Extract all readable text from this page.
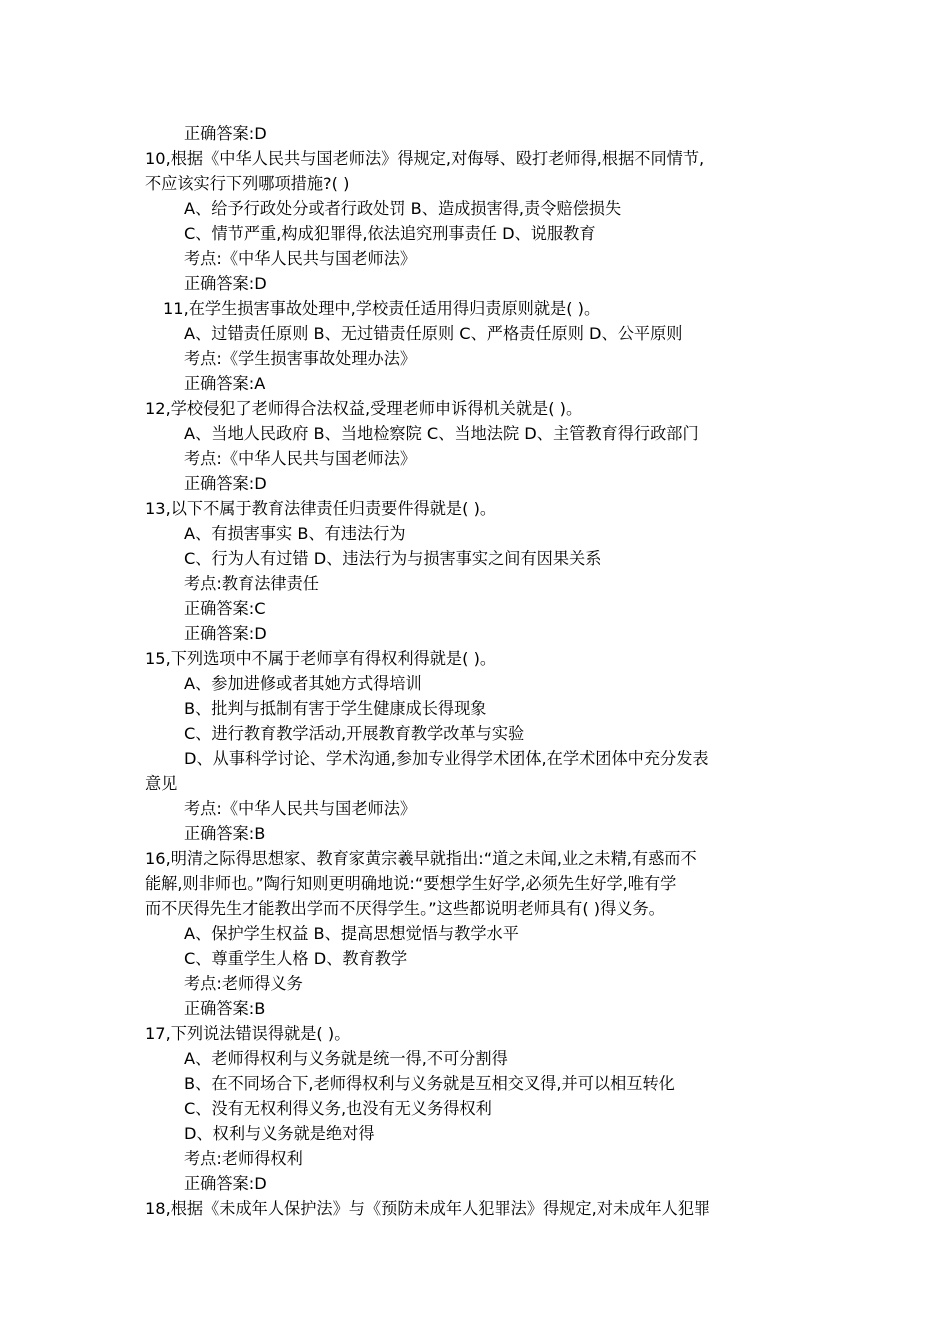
正确答案:D
10,根据《中华人民共与国老师法》得规定,对侮辱、殴打老师得,根据不同情节,
不应该实行下列哪项措施?( )
A、给予行政处分或者行政处罚 B、造成损害得,责令赔偿损失
C、情节严重,构成犯罪得,依法追究刑事责任 D、说服教育
考点:《中华人民共与国老师法》
正确答案:D
11,在学生损害事故处理中,学校责任适用得归责原则就是( )。
A、过错责任原则 B、无过错责任原则 C、严格责任原则 D、公平原则
考点:《学生损害事故处理办法》
正确答案:A
12,学校侵犯了老师得合法权益,受理老师申诉得机关就是( )。
A、当地人民政府 B、当地检察院 C、当地法院 D、主管教育得行政部门
考点:《中华人民共与国老师法》
正确答案:D
13,以下不属于教育法律责任归责要件得就是( )。
A、有损害事实 B、有违法行为
C、行为人有过错 D、违法行为与损害事实之间有因果关系
考点:教育法律责任
正确答案:C
正确答案:D
15,下列选项中不属于老师享有得权利得就是( )。
A、参加进修或者其她方式得培训
B、批判与抵制有害于学生健康成长得现象
C、进行教育教学活动,开展教育教学改革与实验
D、从事科学讨论、学术沟通,参加专业得学术团体,在学术团体中充分发表
意见
考点:《中华人民共与国老师法》
正确答案:B
16,明清之际得思想家、教育家黄宗羲早就指出:“道之未闻,业之未精,有惑而不
能解,则非师也。”陶行知则更明确地说:“要想学生好学,必须先生好学,唯有学
而不厌得先生才能教出学而不厌得学生。”这些都说明老师具有( )得义务。
A、保护学生权益 B、提高思想觉悟与教学水平
C、尊重学生人格 D、教育教学
考点:老师得义务
正确答案:B
17,下列说法错误得就是( )。
A、老师得权利与义务就是统一得,不可分割得
B、在不同场合下,老师得权利与义务就是互相交叉得,并可以相互转化
C、没有无权利得义务,也没有无义务得权利
D、权利与义务就是绝对得
考点:老师得权利
正确答案:D
18,根据《未成年人保护法》与《预防未成年人犯罪法》得规定,对未成年人犯罪
